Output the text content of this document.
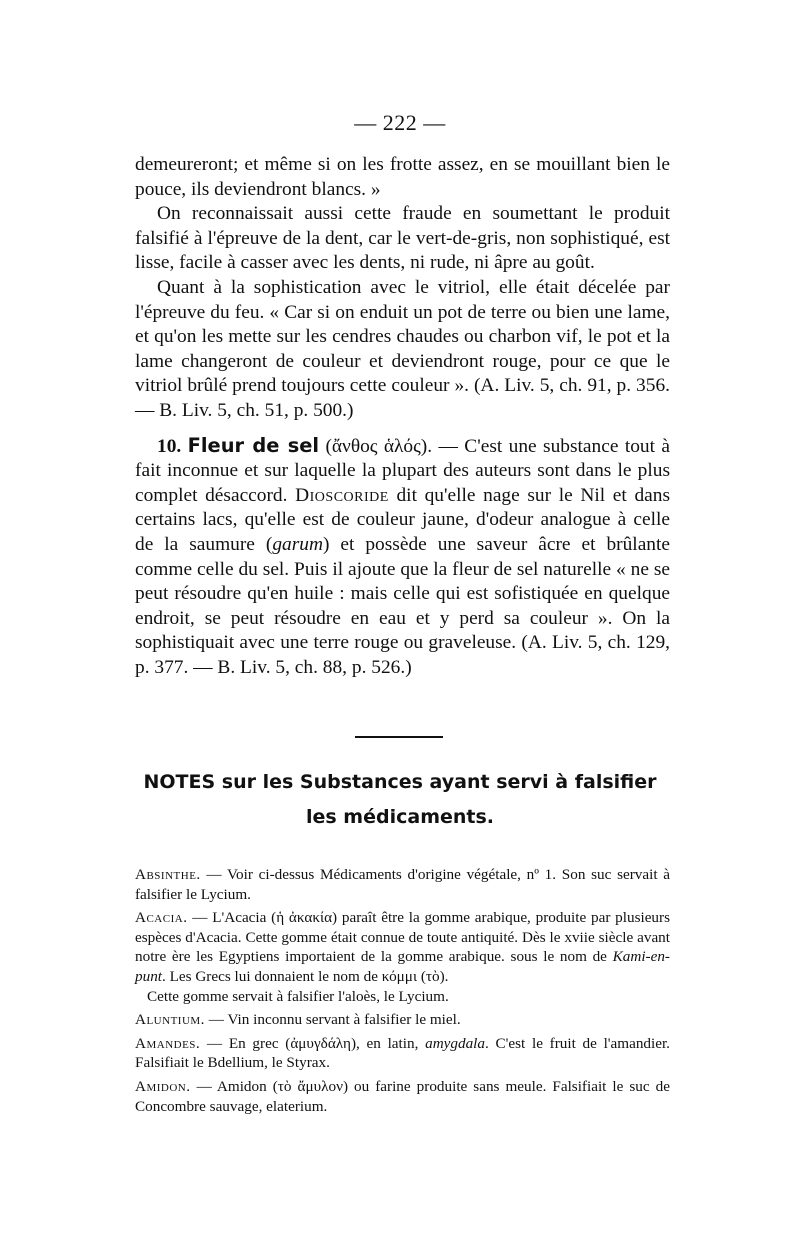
— 222 —

demeureront; et même si on les frotte assez, en se mouillant bien le pouce, ils deviendront blancs. »

On reconnaissait aussi cette fraude en soumettant le produit falsifié à l'épreuve de la dent, car le vert-de-gris, non sophistiqué, est lisse, facile à casser avec les dents, ni rude, ni âpre au goût.

Quant à la sophistication avec le vitriol, elle était décelée par l'épreuve du feu. « Car si on enduit un pot de terre ou bien une lame, et qu'on les mette sur les cendres chaudes ou charbon vif, le pot et la lame changeront de couleur et deviendront rouge, pour ce que le vitriol brûlé prend toujours cette couleur ». (A. Liv. 5, ch. 91, p. 356. — B. Liv. 5, ch. 51, p. 500.)

10. Fleur de sel (ἄνθος ἁλός). — C'est une substance tout à fait inconnue et sur laquelle la plupart des auteurs sont dans le plus complet désaccord. Dioscoride dit qu'elle nage sur le Nil et dans certains lacs, qu'elle est de couleur jaune, d'odeur analogue à celle de la saumure (garum) et possède une saveur âcre et brûlante comme celle du sel. Puis il ajoute que la fleur de sel naturelle « ne se peut résoudre qu'en huile : mais celle qui est sofistiquée en quelque endroit, se peut résoudre en eau et y perd sa couleur ». On la sophistiquait avec une terre rouge ou graveleuse. (A. Liv. 5, ch. 129, p. 377. — B. Liv. 5, ch. 88, p. 526.)

NOTES sur les Substances ayant servi à falsifier
les médicaments.

Absinthe. — Voir ci-dessus Médicaments d'origine végétale, nº 1. Son suc servait à falsifier le Lycium.

Acacia. — L'Acacia (ἡ ἀκακία) paraît être la gomme arabique, produite par plusieurs espèces d'Acacia. Cette gomme était connue de toute antiquité. Dès le xviie siècle avant notre ère les Egyptiens importaient de la gomme arabique. sous le nom de Kami-en-punt. Les Grecs lui donnaient le nom de κόμμι (τὸ).

Cette gomme servait à falsifier l'aloès, le Lycium.

Aluntium. — Vin inconnu servant à falsifier le miel.

Amandes. — En grec (ἀμυγδάλη), en latin, amygdala. C'est le fruit de l'amandier. Falsifiait le Bdellium, le Styrax.

Amidon. — Amidon (τὸ ἄμυλον) ou farine produite sans meule. Falsifiait le suc de Concombre sauvage, elaterium.
